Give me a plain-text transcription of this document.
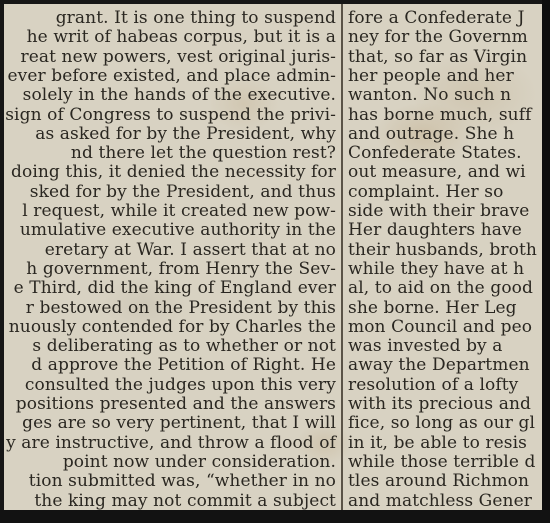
grant. It is one thing to suspend
he writ of habeas corpus, but it is a
reat new powers, vest original juris-
ever before existed, and place admin-
solely in the hands of the executive.
sign of Congress to suspend the privi-
as asked for by the President, why
nd there let the question rest?
doing this, it denied the necessity for
sked for by the President, and thus
l request, while it created new pow-
umulative executive authority in the
eretary at War. I assert that at no
h government, from Henry the Sev-
e Third, did the king of England ever
r bestowed on the President by this
nuously contended for by Charles the
s deliberating as to whether or not
d approve the Petition of Right. He
consulted the judges upon this very
positions presented and the answers
ges are so very pertinent, that I will
y are instructive, and throw a flood of
point now under consideration.
tion submitted was, “whether in no
the king may not commit a subject
fore a Confederate J
ney for the Governm
that, so far as Virgin
her people and her
wanton. No such n
has borne much, suff
and outrage. She h
Confederate States.
out measure, and wi
complaint. Her so
side with their brave
Her daughters have
their husbands, broth
while they have at h
al, to aid on the good
she borne. Her Leg
mon Council and peo
was invested by a
away the Departmen
resolution of a lofty
with its precious and
fice, so long as our gl
in it, be able to resis
while those terrible d
tles around Richmon
and matchless Gener
